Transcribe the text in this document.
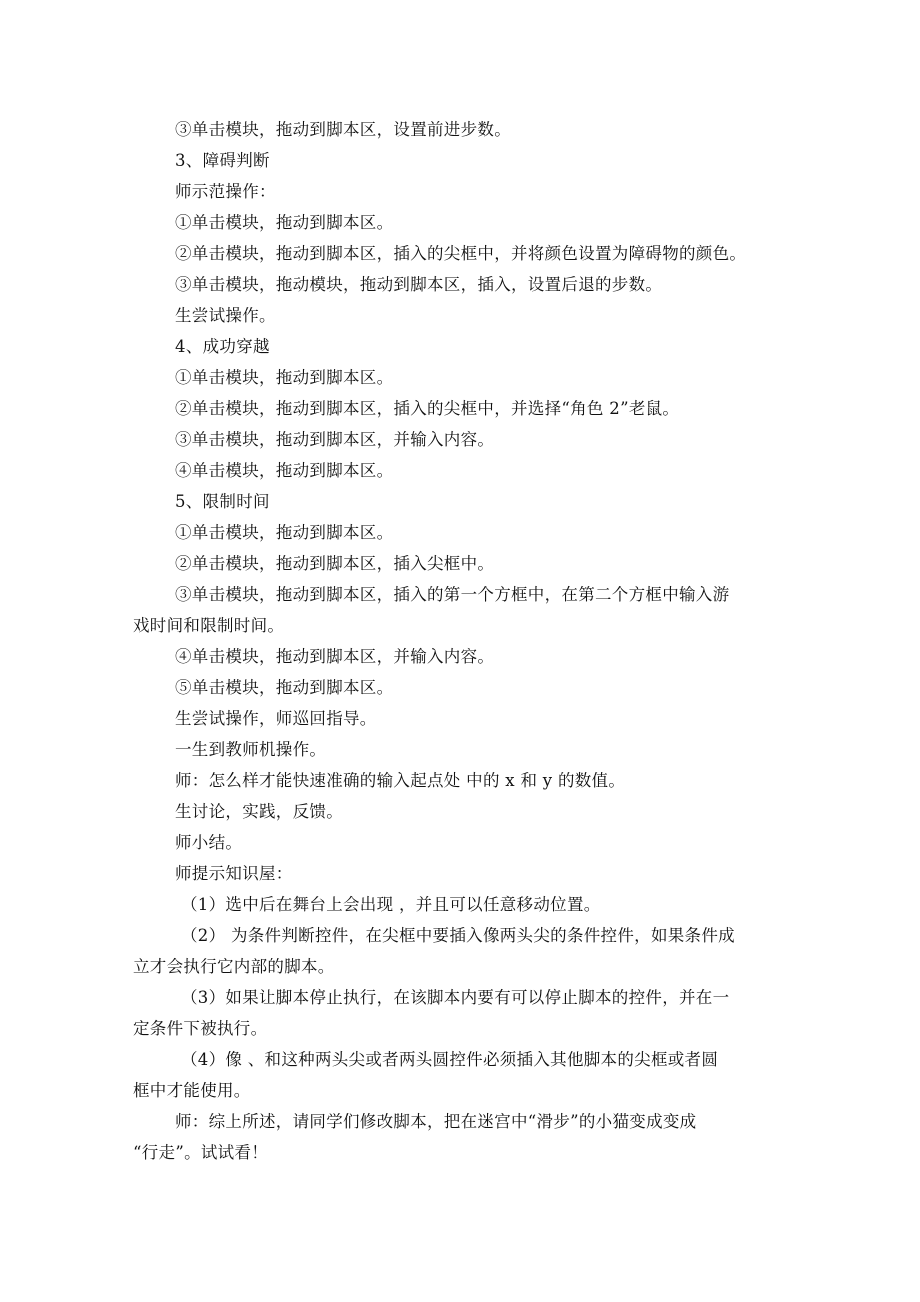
③单击模块，拖动到脚本区，设置前进步数。
3、障碍判断
师示范操作：
①单击模块，拖动到脚本区。
②单击模块，拖动到脚本区，插入的尖框中，并将颜色设置为障碍物的颜色。
③单击模块，拖动模块，拖动到脚本区，插入，设置后退的步数。
生尝试操作。
4、成功穿越
①单击模块，拖动到脚本区。
②单击模块，拖动到脚本区，插入的尖框中，并选择“角色 2”老鼠。
③单击模块，拖动到脚本区，并输入内容。
④单击模块，拖动到脚本区。
5、限制时间
①单击模块，拖动到脚本区。
②单击模块，拖动到脚本区，插入尖框中。
③单击模块，拖动到脚本区，插入的第一个方框中，在第二个方框中输入游
戏时间和限制时间。
④单击模块，拖动到脚本区，并输入内容。
⑤单击模块，拖动到脚本区。
生尝试操作，师巡回指导。
一生到教师机操作。
师：怎么样才能快速准确的输入起点处 中的 x 和 y 的数值。
生讨论，实践，反馈。
师小结。
师提示知识屋：
（1）选中后在舞台上会出现 ，并且可以任意移动位置。
（2） 为条件判断控件，在尖框中要插入像两头尖的条件控件，如果条件成
立才会执行它内部的脚本。
（3）如果让脚本停止执行，在该脚本内要有可以停止脚本的控件，并在一
定条件下被执行。
（4）像 、和这种两头尖或者两头圆控件必须插入其他脚本的尖框或者圆
框中才能使用。
师：综上所述，请同学们修改脚本，把在迷宫中“滑步”的小猫变成变成
“行走”。试试看！
